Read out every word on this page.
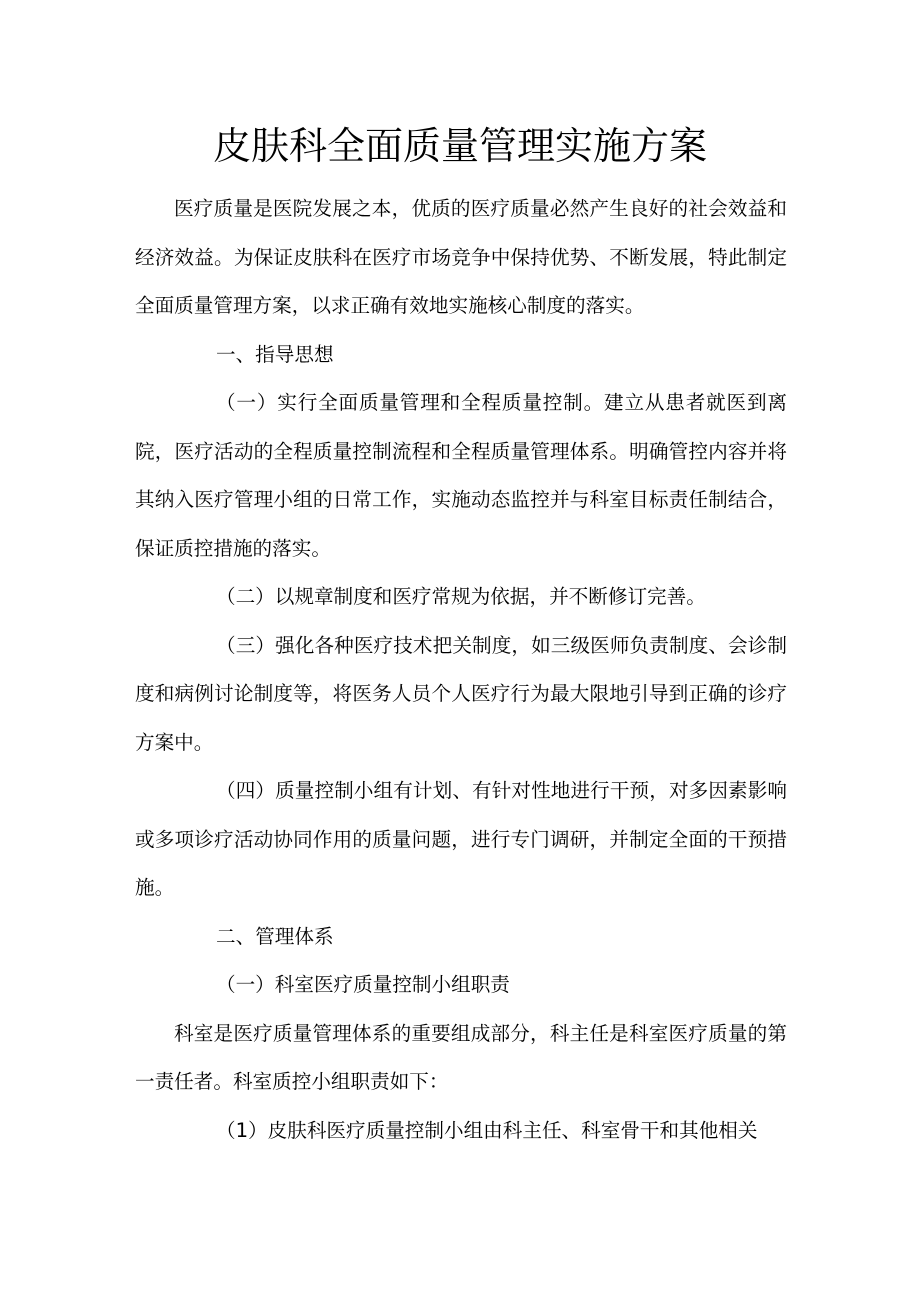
皮肤科全面质量管理实施方案

医疗质量是医院发展之本，优质的医疗质量必然产生良好的社会效益和经济效益。为保证皮肤科在医疗市场竞争中保持优势、不断发展，特此制定全面质量管理方案，以求正确有效地实施核心制度的落实。

一、指导思想

（一）实行全面质量管理和全程质量控制。建立从患者就医到离院，医疗活动的全程质量控制流程和全程质量管理体系。明确管控内容并将其纳入医疗管理小组的日常工作，实施动态监控并与科室目标责任制结合，保证质控措施的落实。

（二）以规章制度和医疗常规为依据，并不断修订完善。

（三）强化各种医疗技术把关制度，如三级医师负责制度、会诊制度和病例讨论制度等，将医务人员个人医疗行为最大限地引导到正确的诊疗方案中。

（四）质量控制小组有计划、有针对性地进行干预，对多因素影响或多项诊疗活动协同作用的质量问题，进行专门调研，并制定全面的干预措施。

二、管理体系

（一）科室医疗质量控制小组职责

科室是医疗质量管理体系的重要组成部分，科主任是科室医疗质量的第一责任者。科室质控小组职责如下：

（1）皮肤科医疗质量控制小组由科主任、科室骨干和其他相关
